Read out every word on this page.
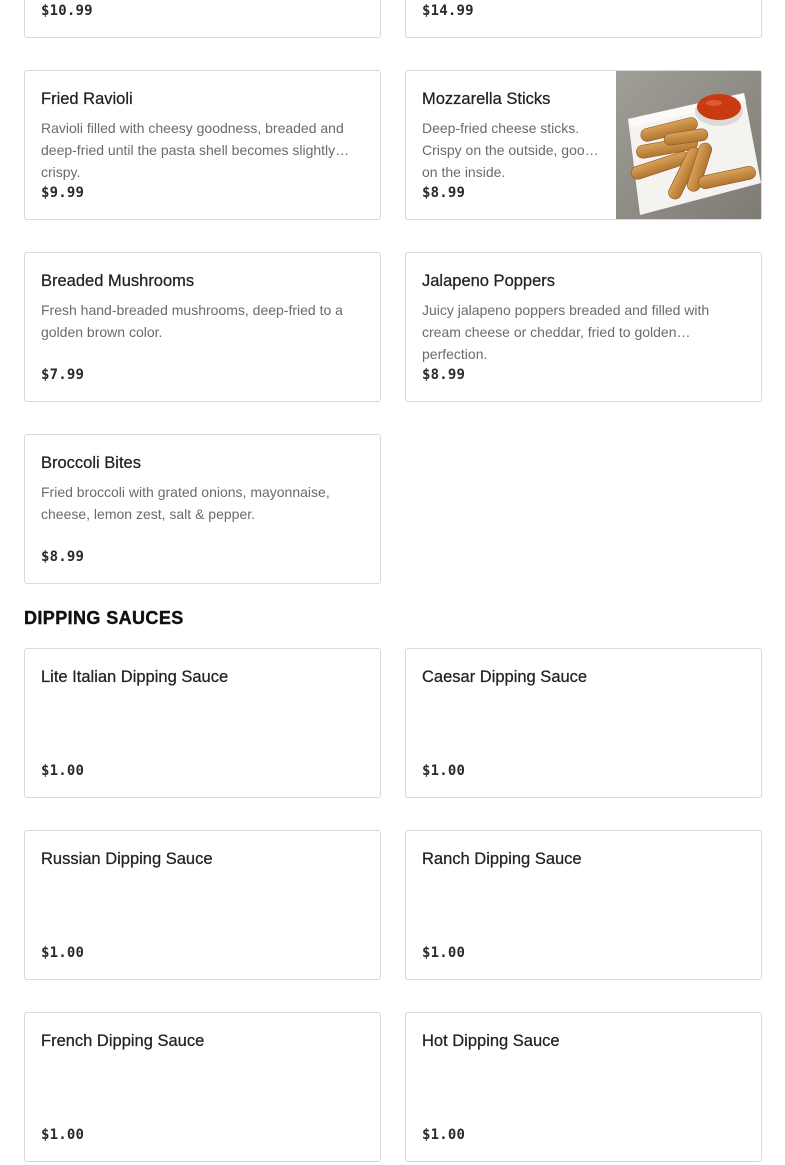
$10.99	$14.99
Fried Ravioli
Ravioli filled with cheesy goodness, breaded and deep-fried until the pasta shell becomes slightly crispy.
$9.99
Mozzarella Sticks
Deep-fried cheese sticks. Crispy on the outside, gooey on the inside.
$8.99
Breaded Mushrooms
Fresh hand-breaded mushrooms, deep-fried to a golden brown color.
$7.99
Jalapeno Poppers
Juicy jalapeno poppers breaded and filled with cream cheese or cheddar, fried to golden perfection.
$8.99
Broccoli Bites
Fried broccoli with grated onions, mayonnaise, cheese, lemon zest, salt & pepper.
$8.99
DIPPING SAUCES
Lite Italian Dipping Sauce
$1.00
Caesar Dipping Sauce
$1.00
Russian Dipping Sauce
$1.00
Ranch Dipping Sauce
$1.00
French Dipping Sauce
$1.00
Hot Dipping Sauce
$1.00
